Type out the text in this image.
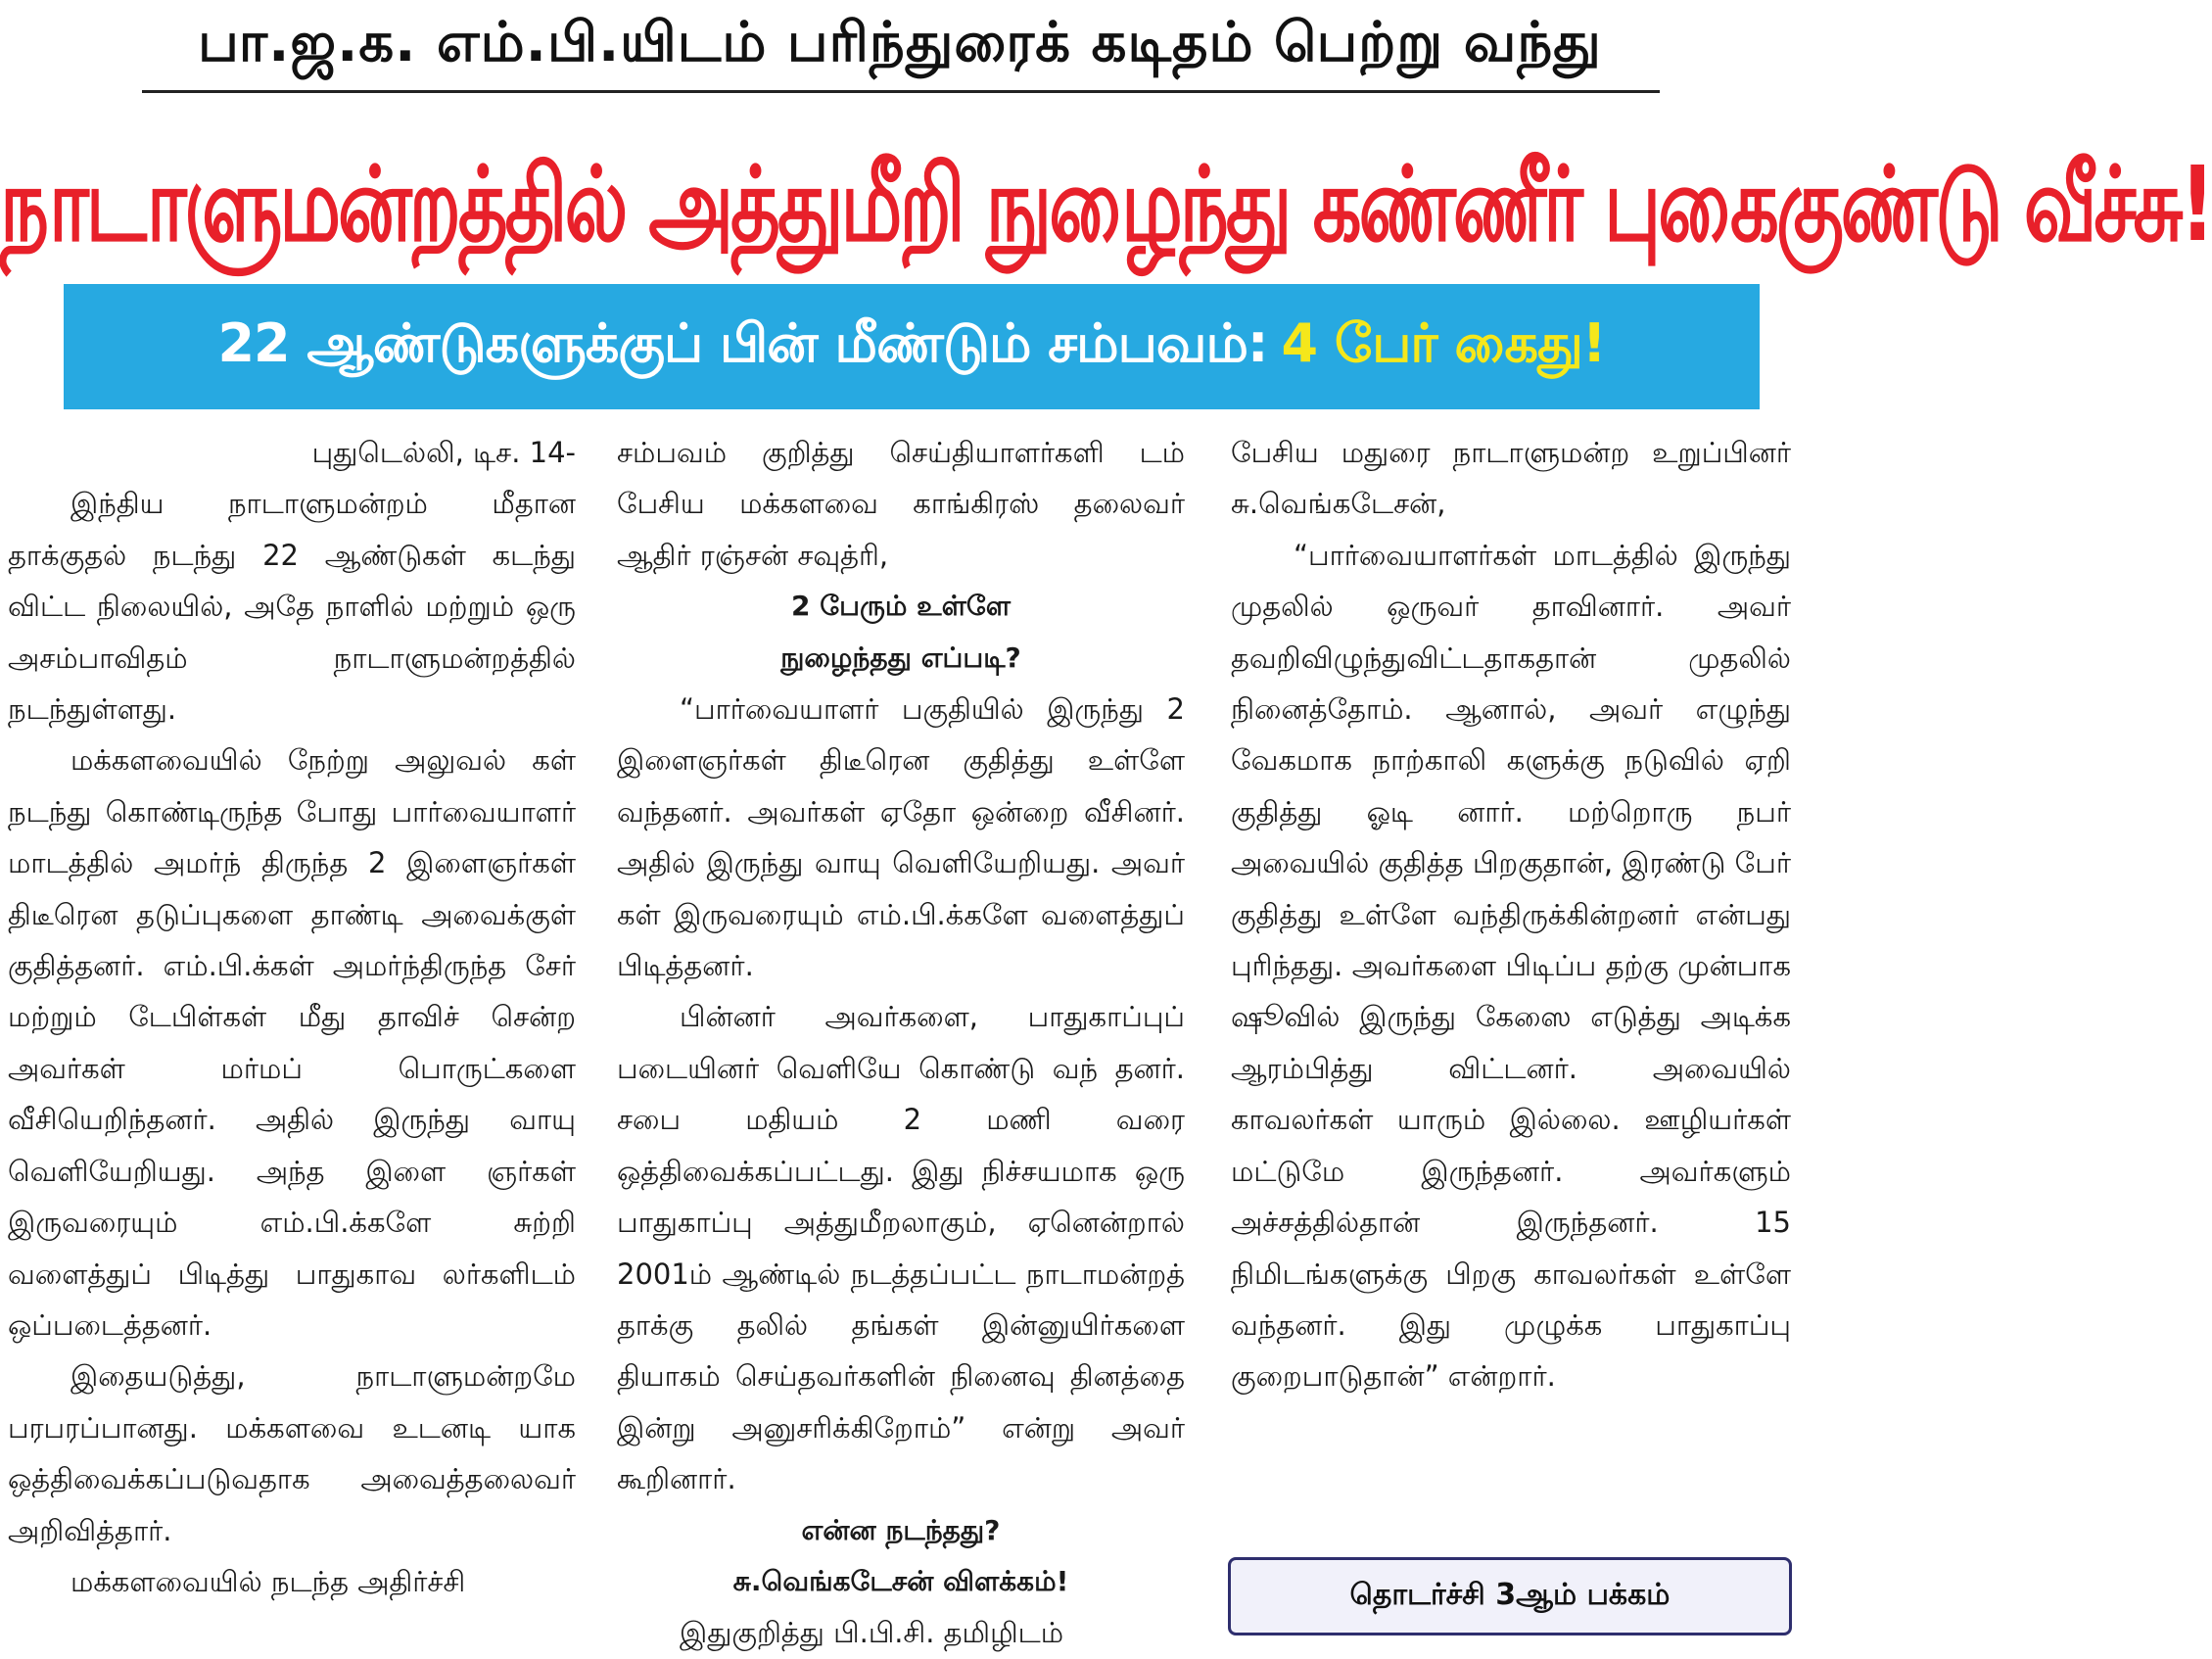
பா.ஜ.க. எம்.பி.யிடம் பரிந்துரைக் கடிதம் பெற்று வந்து
நாடாளுமன்றத்தில் அத்துமீறி நுழைந்து கண்ணீர் புகைகுண்டு வீச்சு!
22 ஆண்டுகளுக்குப் பின் மீண்டும் சம்பவம்: 4 பேர் கைது!

புதுடெல்லி, டிச. 14-

இந்திய நாடாளுமன்றம் மீதான தாக்குதல் நடந்து 22 ஆண்டுகள் கடந்து விட்ட நிலையில், அதே நாளில் மற்றும் ஒரு அசம்பாவிதம் நாடாளுமன்றத்தில் நடந்துள்ளது.

மக்களவையில் நேற்று அலுவல் கள் நடந்து கொண்டிருந்த போது பார்வையாளர் மாடத்தில் அமர்ந் திருந்த 2 இளைஞர்கள் திடீரென தடுப்புகளை தாண்டி அவைக்குள் குதித்தனர். எம்.பி.க்கள் அமர்ந்திருந்த சேர் மற்றும் டேபிள்கள் மீது தாவிச் சென்ற அவர்கள் மர்மப் பொருட்களை வீசியெறிந்தனர். அதில் இருந்து வாயு வெளியேறியது. அந்த இளை ஞர்கள் இருவரையும் எம்.பி.க்களே சுற்றி வளைத்துப் பிடித்து பாதுகாவ லர்களிடம் ஒப்படைத்தனர்.

இதையடுத்து, நாடாளுமன்றமே பரபரப்பானது. மக்களவை உடனடி யாக ஒத்திவைக்கப்படுவதாக அவைத்தலைவர் அறிவித்தார்.

மக்களவையில் நடந்த அதிர்ச்சி

சம்பவம் குறித்து செய்தியாளர்களி டம் பேசிய மக்களவை காங்கிரஸ் தலைவர் ஆதிர் ரஞ்சன் சவுத்ரி,

2 பேரும் உள்ளே

நுழைந்தது எப்படி?

“பார்வையாளர் பகுதியில் இருந்து 2 இளைஞர்கள் திடீரென குதித்து உள்ளே வந்தனர். அவர்கள் ஏதோ ஒன்றை வீசினர். அதில் இருந்து வாயு வெளியேறியது. அவர் கள் இருவரையும் எம்.பி.க்களே வளைத்துப் பிடித்தனர்.

பின்னர் அவர்களை, பாதுகாப்புப் படையினர் வெளியே கொண்டு வந் தனர். சபை மதியம் 2 மணி வரை ஒத்திவைக்கப்பட்டது. இது நிச்சயமாக ஒரு பாதுகாப்பு அத்துமீறலாகும், ஏனென்றால் 2001ம் ஆண்டில் நடத்தப்பட்ட நாடாமன்றத் தாக்கு தலில் தங்கள் இன்னுயிர்களை தியாகம் செய்தவர்களின் நினைவு தினத்தை இன்று அனுசரிக்கிறோம்” என்று அவர் கூறினார்.

என்ன நடந்தது?

சு.வெங்கடேசன் விளக்கம்!

இதுகுறித்து பி.பி.சி. தமிழிடம்

பேசிய மதுரை நாடாளுமன்ற உறுப்பினர் சு.வெங்கடேசன்,

“பார்வையாளர்கள் மாடத்தில் இருந்து முதலில் ஒருவர் தாவினார். அவர் தவறிவிழுந்துவிட்டதாகதான் முதலில் நினைத்தோம். ஆனால், அவர் எழுந்து வேகமாக நாற்காலி களுக்கு நடுவில் ஏறி குதித்து ஓடி னார். மற்றொரு நபர் அவையில் குதித்த பிறகுதான், இரண்டு பேர் குதித்து உள்ளே வந்திருக்கின்றனர் என்பது புரிந்தது. அவர்களை பிடிப்ப தற்கு முன்பாக ஷூவில் இருந்து கேஸை எடுத்து அடிக்க ஆரம்பித்து விட்டனர். அவையில் காவலர்கள் யாரும் இல்லை. ஊழியர்கள் மட்டுமே இருந்தனர். அவர்களும் அச்சத்தில்தான் இருந்தனர். 15 நிமிடங்களுக்கு பிறகு காவலர்கள் உள்ளே வந்தனர். இது முழுக்க பாதுகாப்பு குறைபாடுதான்” என்றார்.

தொடர்ச்சி 3ஆம் பக்கம்
